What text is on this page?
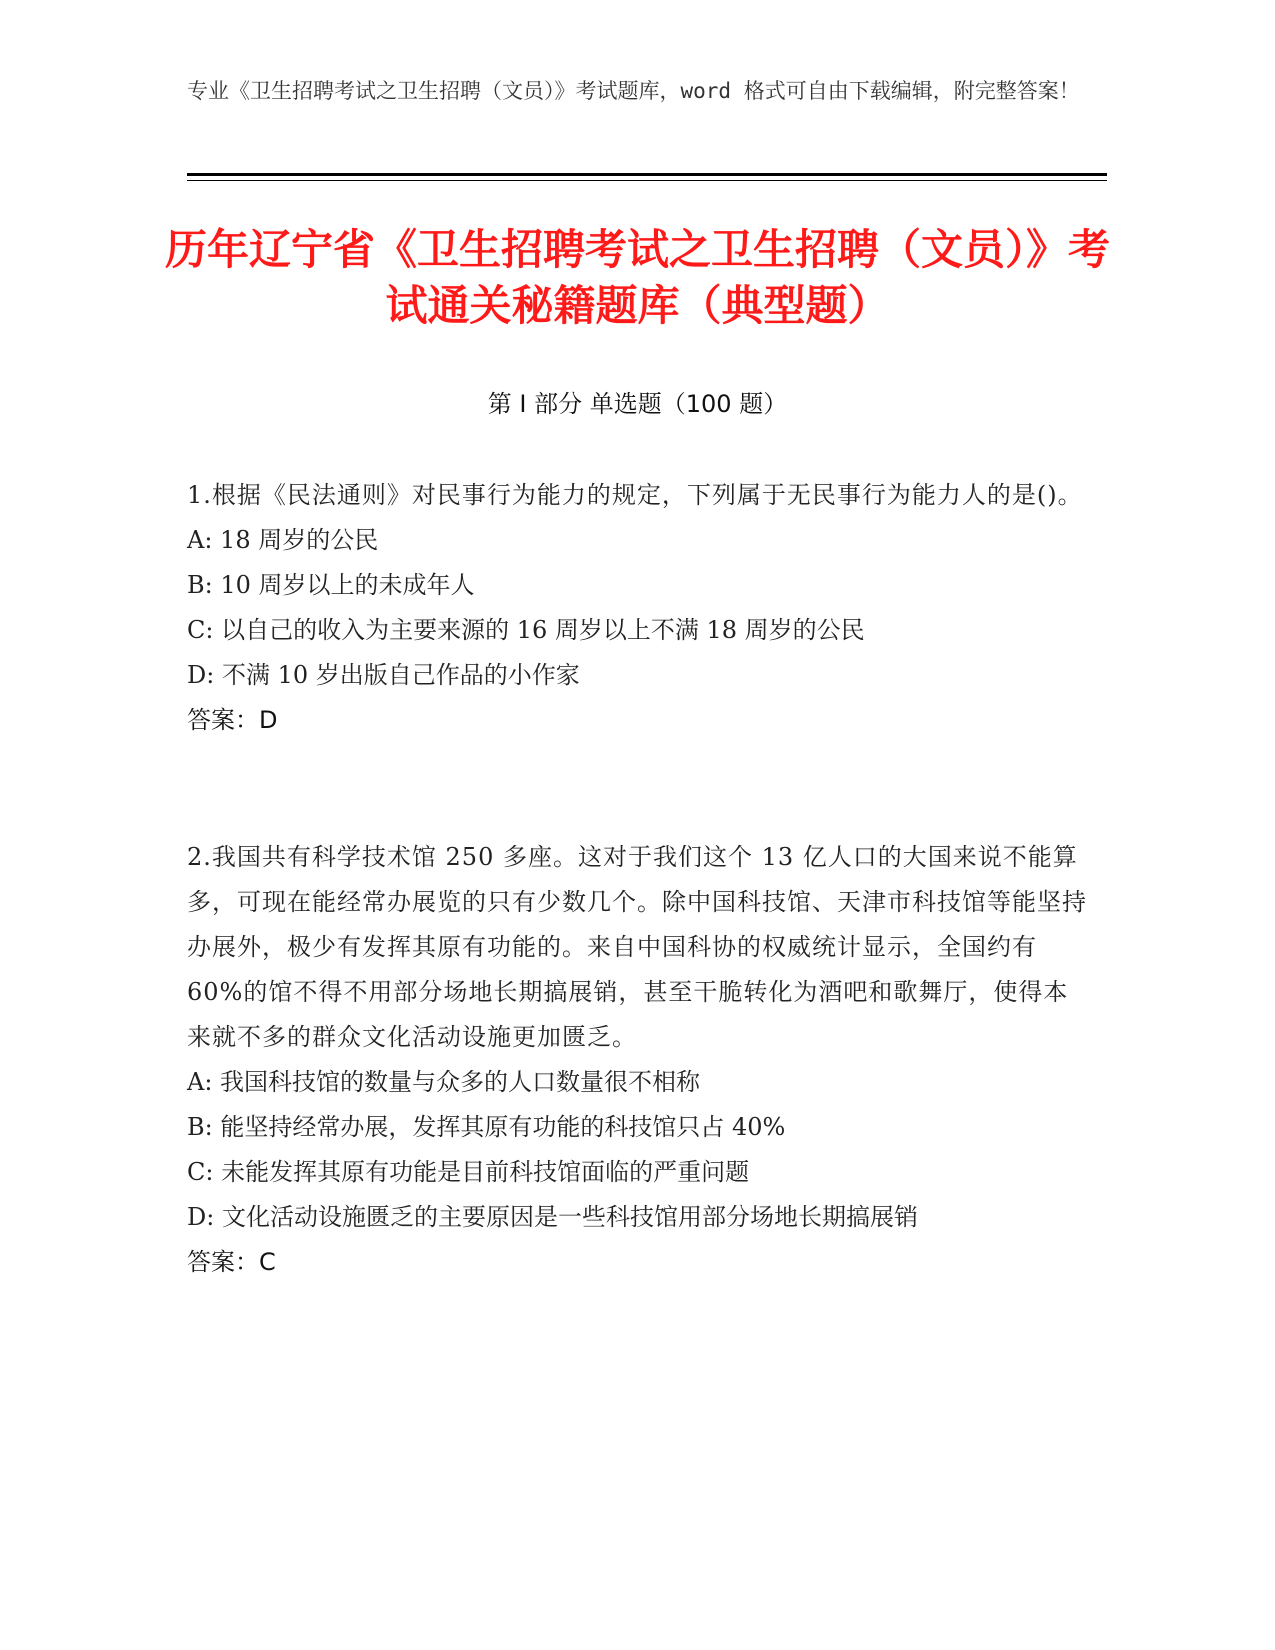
专业《卫生招聘考试之卫生招聘（文员）》考试题库，word 格式可自由下载编辑，附完整答案！
历年辽宁省《卫生招聘考试之卫生招聘（文员）》考试通关秘籍题库（典型题）
第 I 部分 单选题（100 题）

1.根据《民法通则》对民事行为能力的规定，下列属于无民事行为能力人的是()。

A: 18 周岁的公民

B: 10 周岁以上的未成年人

C: 以自己的收入为主要来源的 16 周岁以上不满 18 周岁的公民

D: 不满 10 岁出版自己作品的小作家

答案：D

2.我国共有科学技术馆 250 多座。这对于我们这个 13 亿人口的大国来说不能算多，可现在能经常办展览的只有少数几个。除中国科技馆、天津市科技馆等能坚持办展外，极少有发挥其原有功能的。来自中国科协的权威统计显示，全国约有 60%的馆不得不用部分场地长期搞展销，甚至干脆转化为酒吧和歌舞厅，使得本来就不多的群众文化活动设施更加匮乏。

A: 我国科技馆的数量与众多的人口数量很不相称

B: 能坚持经常办展，发挥其原有功能的科技馆只占 40%

C: 未能发挥其原有功能是目前科技馆面临的严重问题

D: 文化活动设施匮乏的主要原因是一些科技馆用部分场地长期搞展销

答案：C
